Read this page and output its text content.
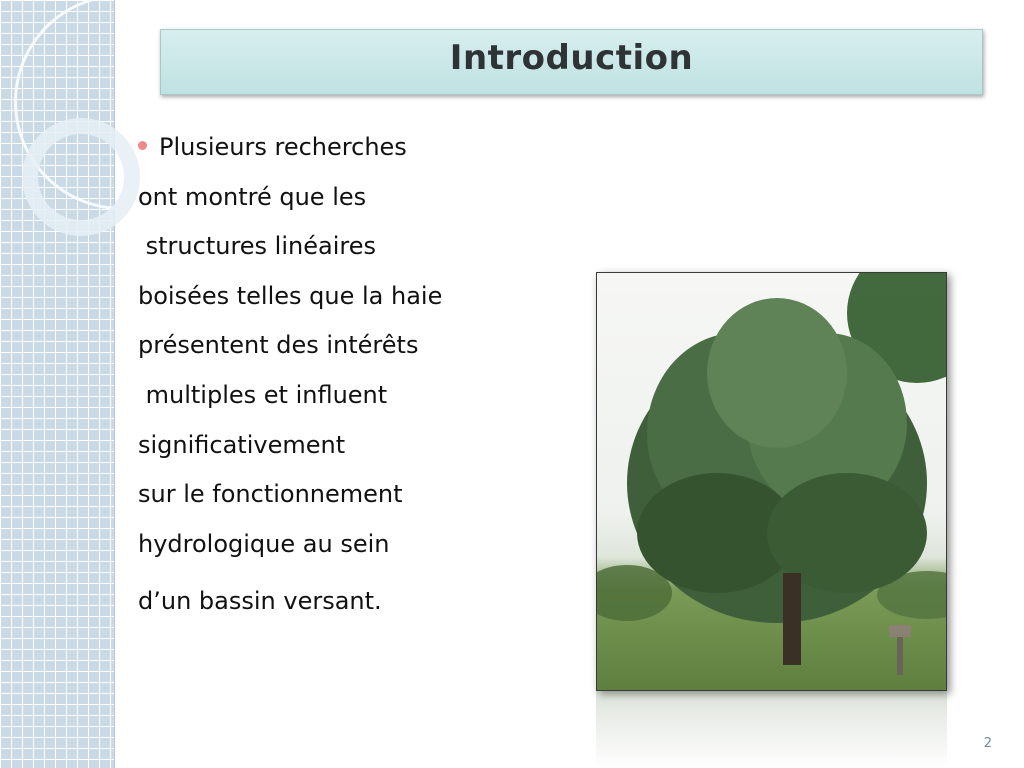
Introduction
Plusieurs recherches
ont montré que les
structures linéaires
boisées telles que la haie
présentent des intérêts
multiples et influent
significativement
sur le fonctionnement
hydrologique au sein
d’un bassin versant.
2
